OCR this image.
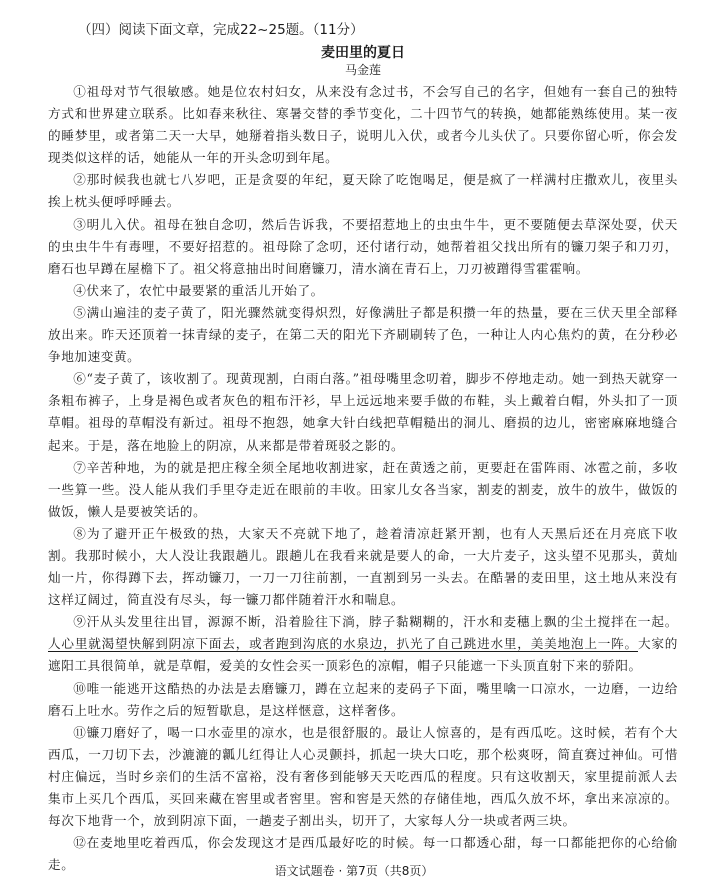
（四）阅读下面文章，完成22~25题。（11分）

麦田里的夏日

马金莲

①祖母对节气很敏感。她是位农村妇女，从来没有念过书，不会写自己的名字，但她有一套自己的独特方式和世界建立联系。比如春来秋往、寒暑交替的季节变化，二十四节气的转换，她都能熟练使用。某一夜的睡梦里，或者第二天一大早，她掰着指头数日子，说明儿入伏，或者今儿头伏了。只要你留心听，你会发现类似这样的话，她能从一年的开头念叨到年尾。

②那时候我也就七八岁吧，正是贪耍的年纪，夏天除了吃饱喝足，便是疯了一样满村庄撒欢儿，夜里头挨上枕头便呼呼睡去。

③明儿入伏。祖母在独自念叨，然后告诉我，不要招惹地上的虫虫牛牛，更不要随便去草深处耍，伏天的虫虫牛牛有毒哩，不要好招惹的。祖母除了念叨，还付诸行动，她帮着祖父找出所有的镰刀架子和刀刃，磨石也早蹲在屋檐下了。祖父将意抽出时间磨镰刀，清水滴在青石上，刀刃被蹭得雪霍霍响。

④伏来了，农忙中最要紧的重活儿开始了。

⑤满山遍洼的麦子黄了，阳光骤然就变得炽烈，好像满肚子都是积攒一年的热量，要在三伏天里全部释放出来。昨天还顶着一抹青绿的麦子，在第二天的阳光下齐刷刷转了色，一种让人内心焦灼的黄，在分秒必争地加速变黄。

⑥“麦子黄了，该收割了。现黄现割，白雨白落。”祖母嘴里念叨着，脚步不停地走动。她一到热天就穿一条粗布裤子，上身是褐色或者灰色的粗布汗衫，早上远远地来要手做的布鞋，头上戴着白帽，外头扣了一顶草帽。祖母的草帽没有新过。祖母不抱怨，她拿大针白线把草帽糙出的洞儿、磨损的边儿，密密麻麻地缝合起来。于是，落在地脸上的阴凉，从来都是带着斑驳之影的。

⑦辛苦种地，为的就是把庄稼全须全尾地收割进家，赶在黄透之前，更要赶在雷阵雨、冰雹之前，多收一些算一些。没人能从我们手里夺走近在眼前的丰收。田家儿女各当家，割麦的割麦，放牛的放牛，做饭的做饭，懒人是要被笑话的。

⑧为了避开正午极致的热，大家天不亮就下地了，趁着清凉赶紧开割，也有人天黑后还在月亮底下收割。我那时候小，大人没让我跟趟儿。跟趟儿在我看来就是要人的命，一大片麦子，这头望不见那头，黄灿灿一片，你得蹲下去，挥动镰刀，一刀一刀往前割，一直割到另一头去。在酷暑的麦田里，这土地从来没有这样辽阔过，简直没有尽头，每一镰刀都伴随着汗水和喘息。

⑨汗从头发里往出冒，源源不断，沿着脸往下淌，脖子黏糊糊的，汗水和麦穗上飘的尘土搅拌在一起。人心里就渴望快解到阴凉下面去，或者跑到沟底的水泉边，扒光了自己跳进水里，美美地泡上一阵。大家的遮阳工具很简单，就是草帽，爱美的女性会买一顶彩色的凉帽，帽子只能遮一下头顶直射下来的骄阳。

⑩唯一能逃开这酷热的办法是去磨镰刀，蹲在立起来的麦码子下面，嘴里噙一口凉水，一边磨，一边给磨石上吐水。劳作之后的短暂歇息，是这样惬意，这样奢侈。

⑪镰刀磨好了，喝一口水壶里的凉水，也是很舒服的。最让人惊喜的，是有西瓜吃。这时候，若有个大西瓜，一刀切下去，沙漉漉的瓤儿红得让人心灵颤抖，抓起一块大口吃，那个松爽呀，简直赛过神仙。可惜村庄偏远，当时乡亲们的生活不富裕，没有奢侈到能够天天吃西瓜的程度。只有这收割天，家里提前派人去集市上买几个西瓜，买回来藏在窖里或者窖里。窖和窖是天然的存储佳地，西瓜久放不坏，拿出来凉凉的。每次下地背一个，放到阴凉下面，一趟麦子割出头，切开了，大家每人分一块或者两三块。

⑫在麦地里吃着西瓜，你会发现这才是西瓜最好吃的时候。每一口都透心甜，每一口都能把你的心给偷走。	语文试题卷 · 第7页（共8页）
